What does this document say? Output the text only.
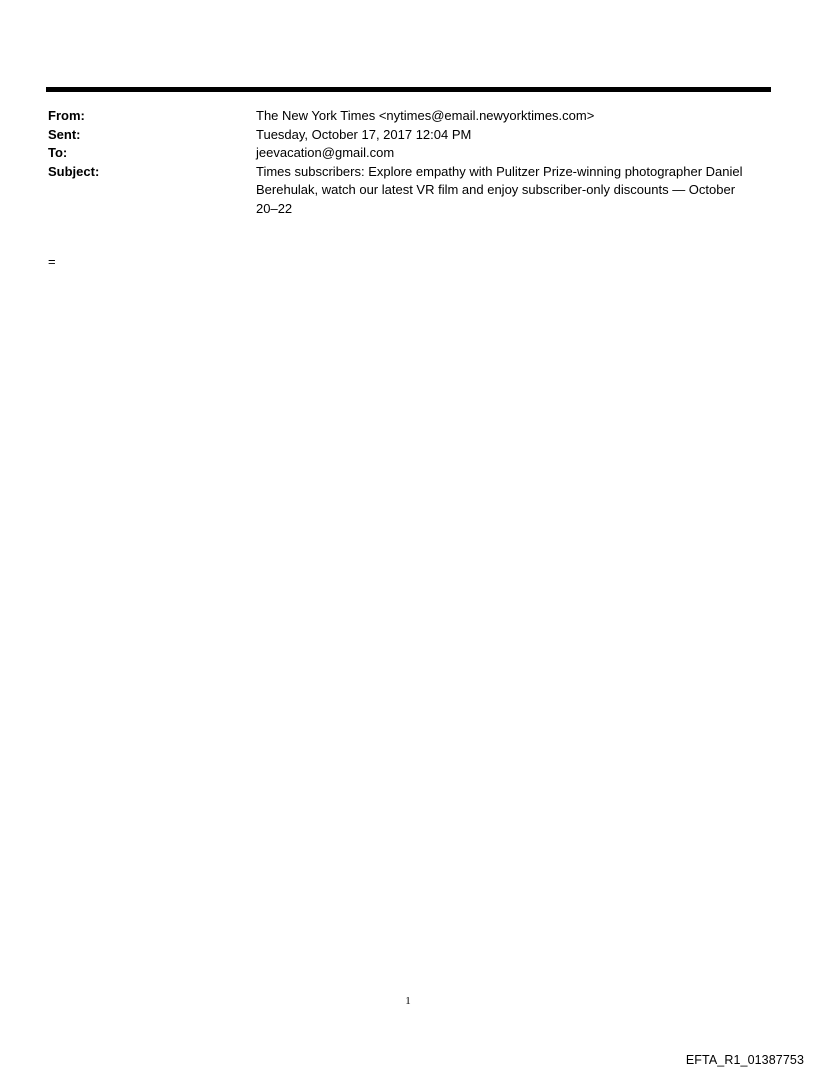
From:	The New York Times <nytimes@email.newyorktimes.com>
Sent:	Tuesday, October 17, 2017 12:04 PM
To:	jeevacation@gmail.com
Subject:	Times subscribers: Explore empathy with Pulitzer Prize-winning photographer Daniel Berehulak, watch our latest VR film and enjoy subscriber-only discounts — October 20–22
=
1
EFTA_R1_01387753
